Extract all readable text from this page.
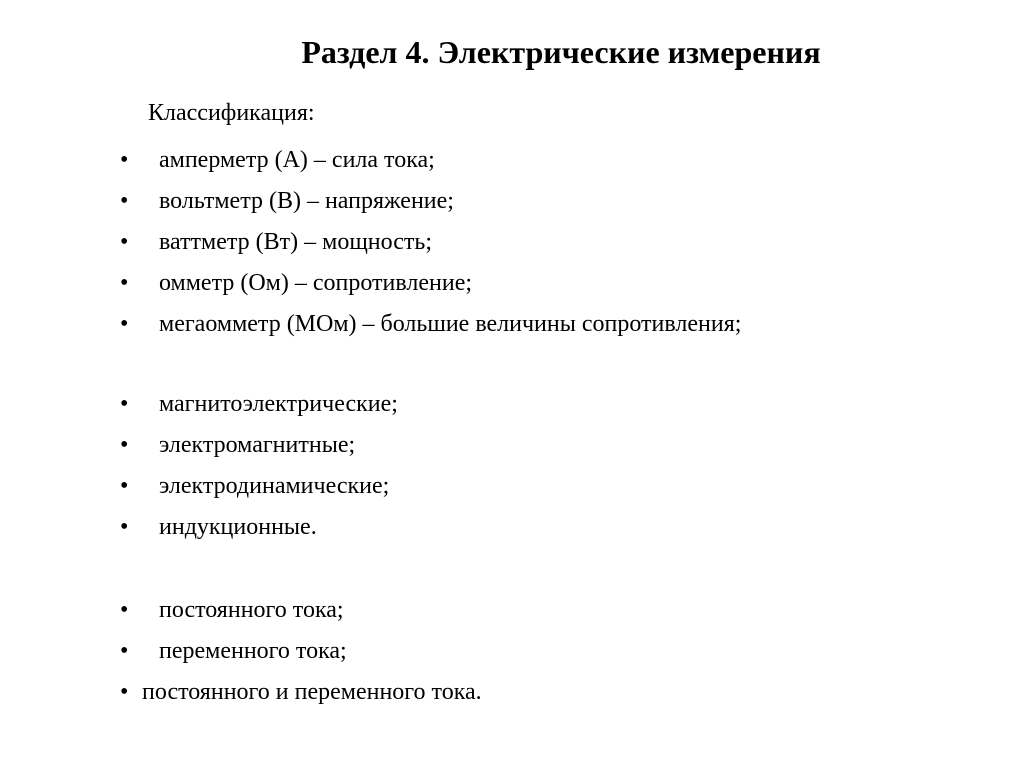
Раздел 4. Электрические измерения
Классификация:
• амперметр (А) – сила тока;
• вольтметр (В) – напряжение;
• ваттметр (Вт) – мощность;
• омметр (Ом) – сопротивление;
• мегаомметр (МОм) – большие величины сопротивления;
• магнитоэлектрические;
• электромагнитные;
• электродинамические;
• индукционные.
• постоянного тока;
• переменного тока;
• постоянного и переменного тока.
